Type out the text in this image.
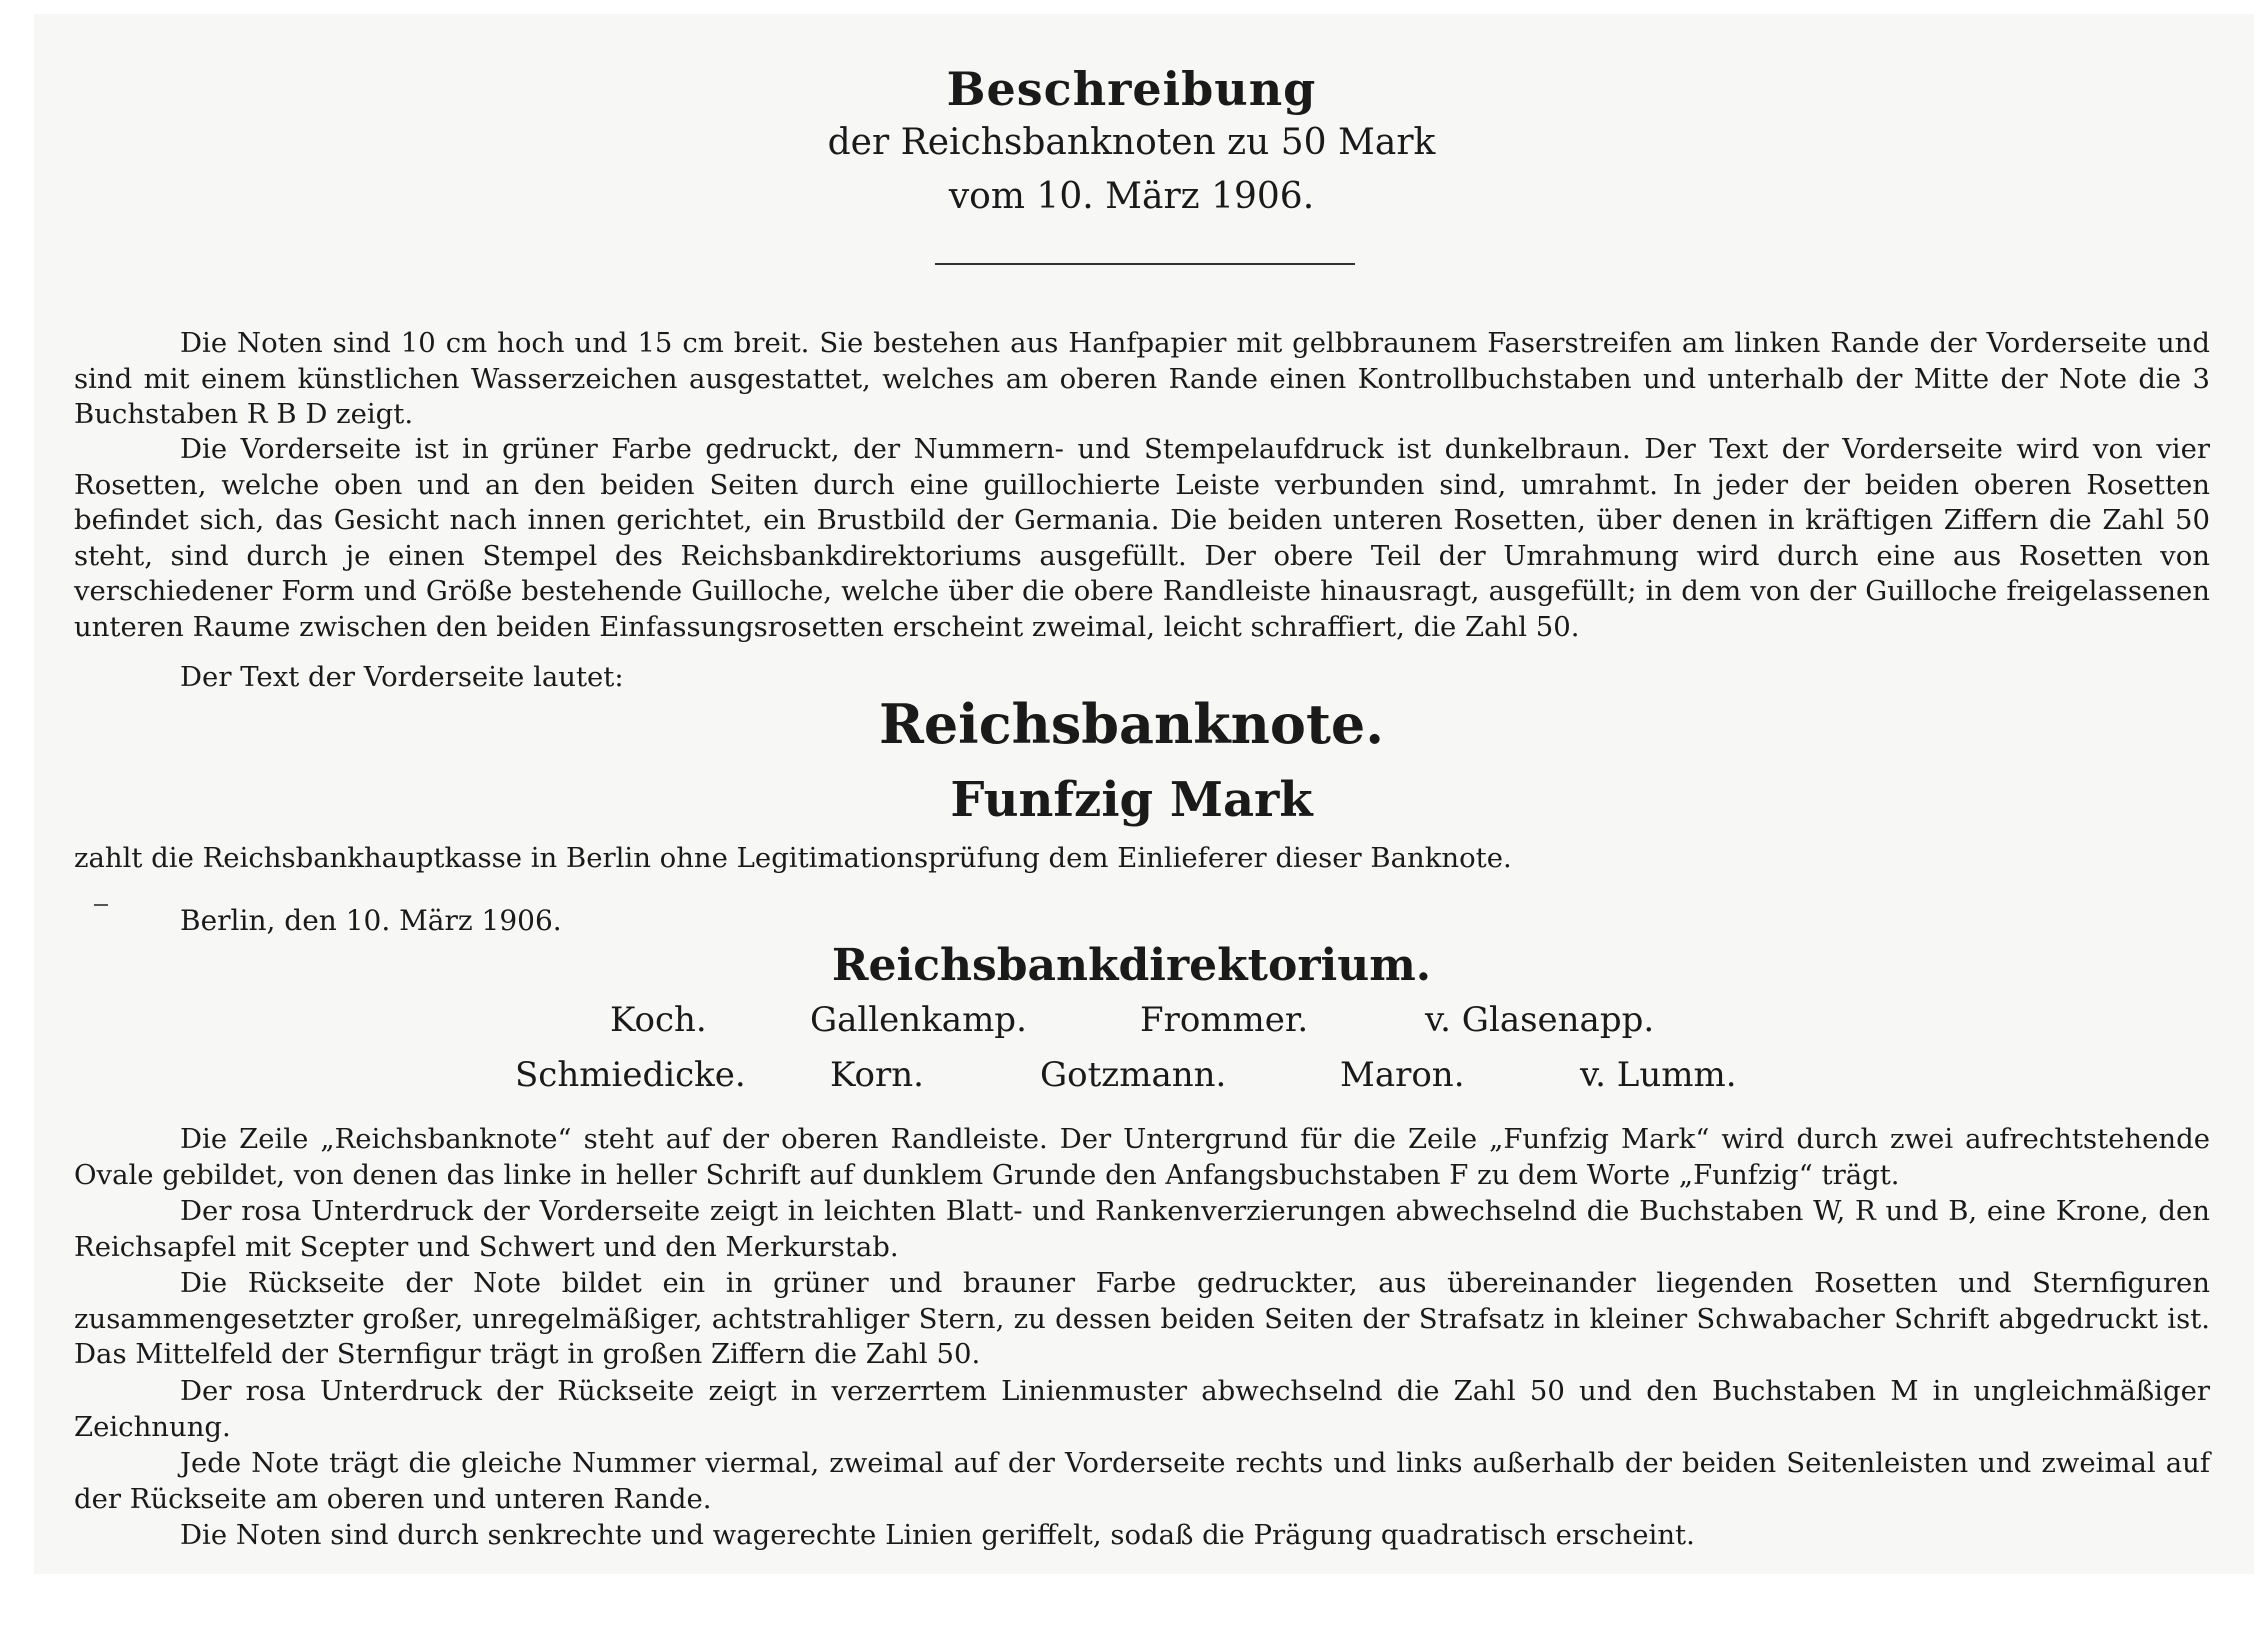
Beschreibung
der Reichsbanknoten zu 50 Mark
vom 10. März 1906.

Die Noten sind 10 cm hoch und 15 cm breit. Sie bestehen aus Hanfpapier mit gelbbraunem Faserstreifen am linken Rande der Vorderseite und sind mit einem künstlichen Wasserzeichen ausgestattet, welches am oberen Rande einen Kontrollbuchstaben und unterhalb der Mitte der Note die 3 Buchstaben R B D zeigt.

Die Vorderseite ist in grüner Farbe gedruckt, der Nummern- und Stempelaufdruck ist dunkelbraun. Der Text der Vorderseite wird von vier Rosetten, welche oben und an den beiden Seiten durch eine guillochierte Leiste verbunden sind, umrahmt. In jeder der beiden oberen Rosetten befindet sich, das Gesicht nach innen gerichtet, ein Brustbild der Germania. Die beiden unteren Rosetten, über denen in kräftigen Ziffern die Zahl 50 steht, sind durch je einen Stempel des Reichsbankdirektoriums ausgefüllt. Der obere Teil der Umrahmung wird durch eine aus Rosetten von verschiedener Form und Größe bestehende Guilloche, welche über die obere Randleiste hinausragt, ausgefüllt; in dem von der Guilloche freigelassenen unteren Raume zwischen den beiden Einfassungsrosetten erscheint zweimal, leicht schraffiert, die Zahl 50.

Der Text der Vorderseite lautet:

Reichsbanknote.
Funfzig Mark
zahlt die Reichsbankhauptkasse in Berlin ohne Legitimationsprüfung dem Einlieferer dieser Banknote.
Berlin, den 10. März 1906.
Reichsbankdirektorium.
Koch.	Gallenkamp.	Frommer.	v. Glasenapp.
Schmiedicke. Korn.	Gotzmann.	Maron.	v. Lumm.

Die Zeile „Reichsbanknote“ steht auf der oberen Randleiste. Der Untergrund für die Zeile „Funfzig Mark“ wird durch zwei aufrechtstehende Ovale gebildet, von denen das linke in heller Schrift auf dunklem Grunde den Anfangsbuchstaben F zu dem Worte „Funfzig“ trägt.

Der rosa Unterdruck der Vorderseite zeigt in leichten Blatt- und Rankenverzierungen abwechselnd die Buchstaben W, R und B, eine Krone, den Reichsapfel mit Scepter und Schwert und den Merkurstab.

Die Rückseite der Note bildet ein in grüner und brauner Farbe gedruckter, aus übereinander liegenden Rosetten und Sternfiguren zusammengesetzter großer, unregelmäßiger, achtstrahliger Stern, zu dessen beiden Seiten der Strafsatz in kleiner Schwabacher Schrift abgedruckt ist. Das Mittelfeld der Sternfigur trägt in großen Ziffern die Zahl 50.

Der rosa Unterdruck der Rückseite zeigt in verzerrtem Linienmuster abwechselnd die Zahl 50 und den Buchstaben M in ungleichmäßiger Zeichnung.

Jede Note trägt die gleiche Nummer viermal, zweimal auf der Vorderseite rechts und links außerhalb der beiden Seitenleisten und zweimal auf der Rückseite am oberen und unteren Rande.

Die Noten sind durch senkrechte und wagerechte Linien geriffelt, sodaß die Prägung quadratisch erscheint.
